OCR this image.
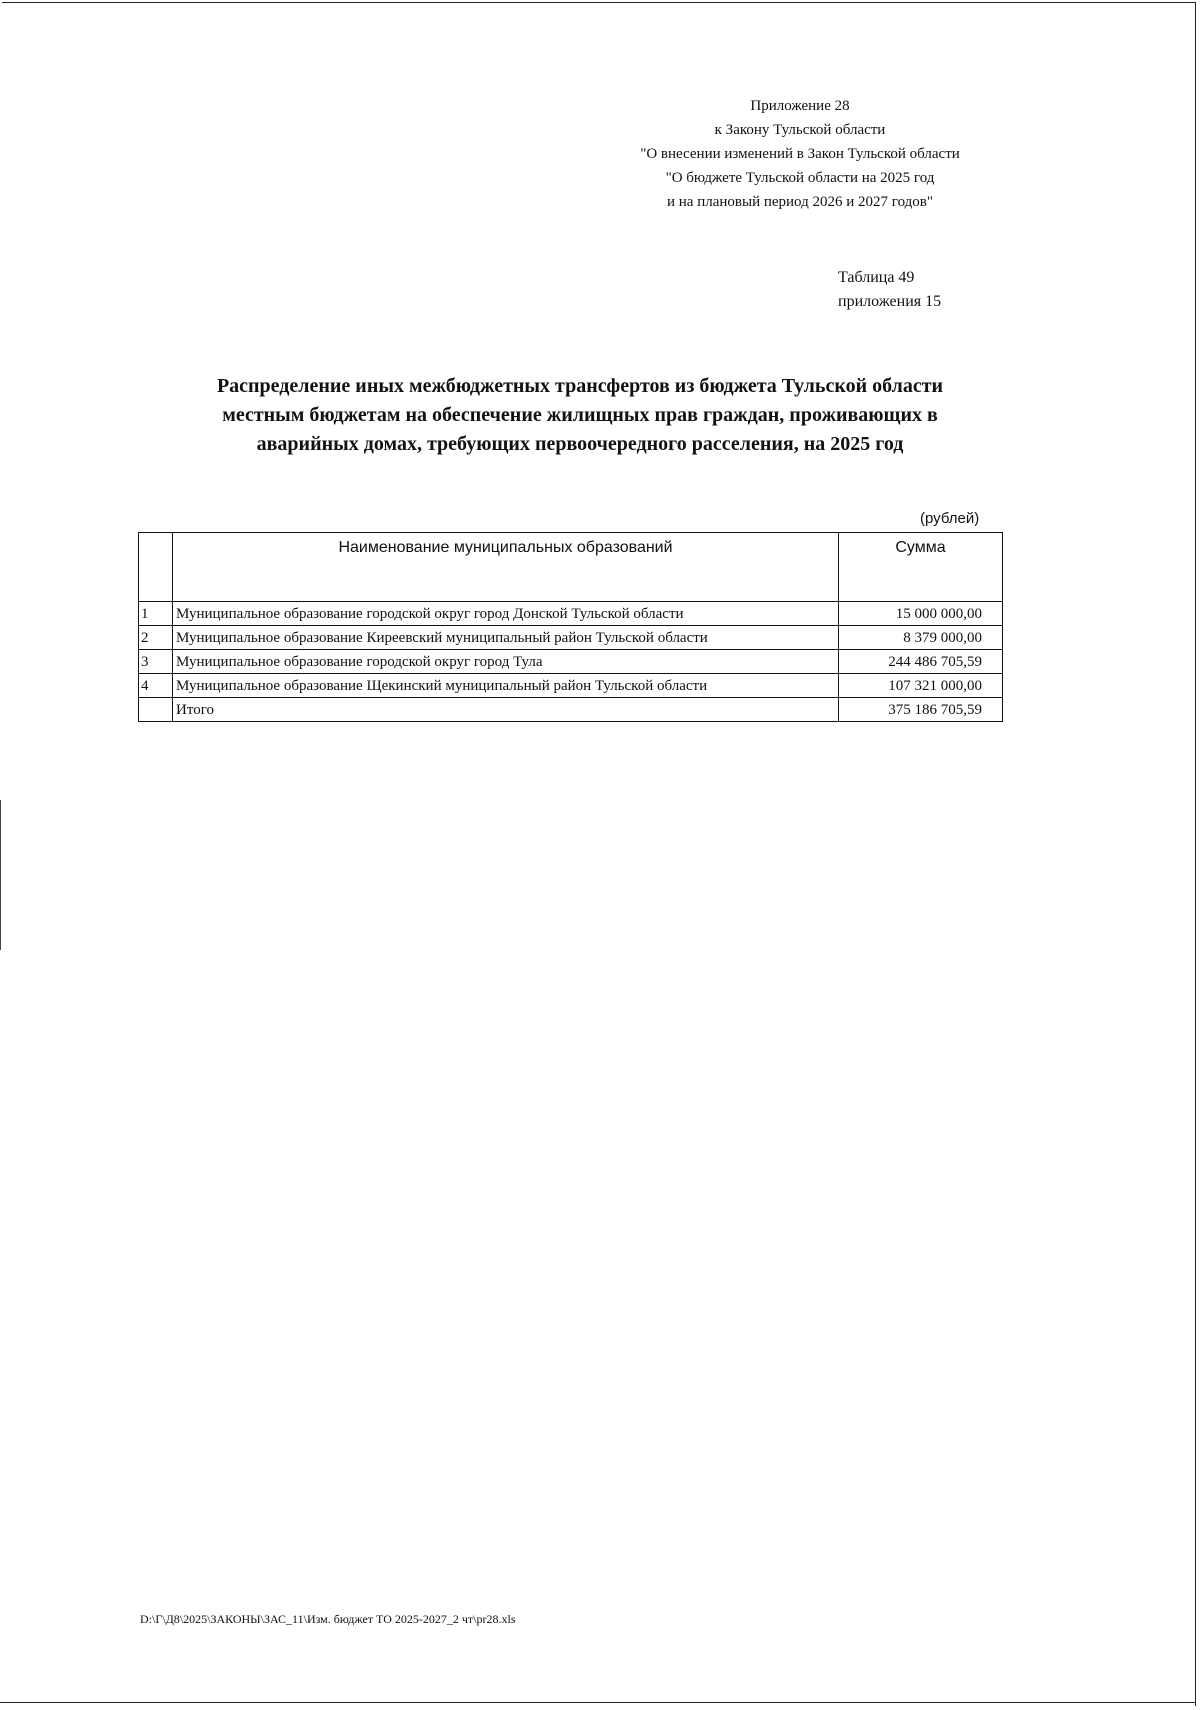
Приложение 28
к Закону Тульской области
"О внесении изменений в Закон Тульской области
"О бюджете Тульской области на 2025 год
и на плановый период 2026 и 2027 годов"
Таблица 49
приложения 15
Распределение иных межбюджетных трансфертов из бюджета Тульской области
местным бюджетам на обеспечение жилищных прав граждан, проживающих в
аварийных домах, требующих первоочередного расселения, на 2025 год
(рублей)
	Наименование муниципальных образований	Сумма
1	Муниципальное образование городской округ город Донской Тульской области	15 000 000,00
2	Муниципальное образование Киреевский муниципальный район Тульской области	8 379 000,00
3	Муниципальное образование городской округ город Тула	244 486 705,59
4	Муниципальное образование Щекинский муниципальный район Тульской области	107 321 000,00
	Итого	375 186 705,59
D:\Г\Д8\2025\ЗАКОНЫ\ЗАС_11\Изм. бюджет ТО 2025-2027_2 чт\pr28.xls
